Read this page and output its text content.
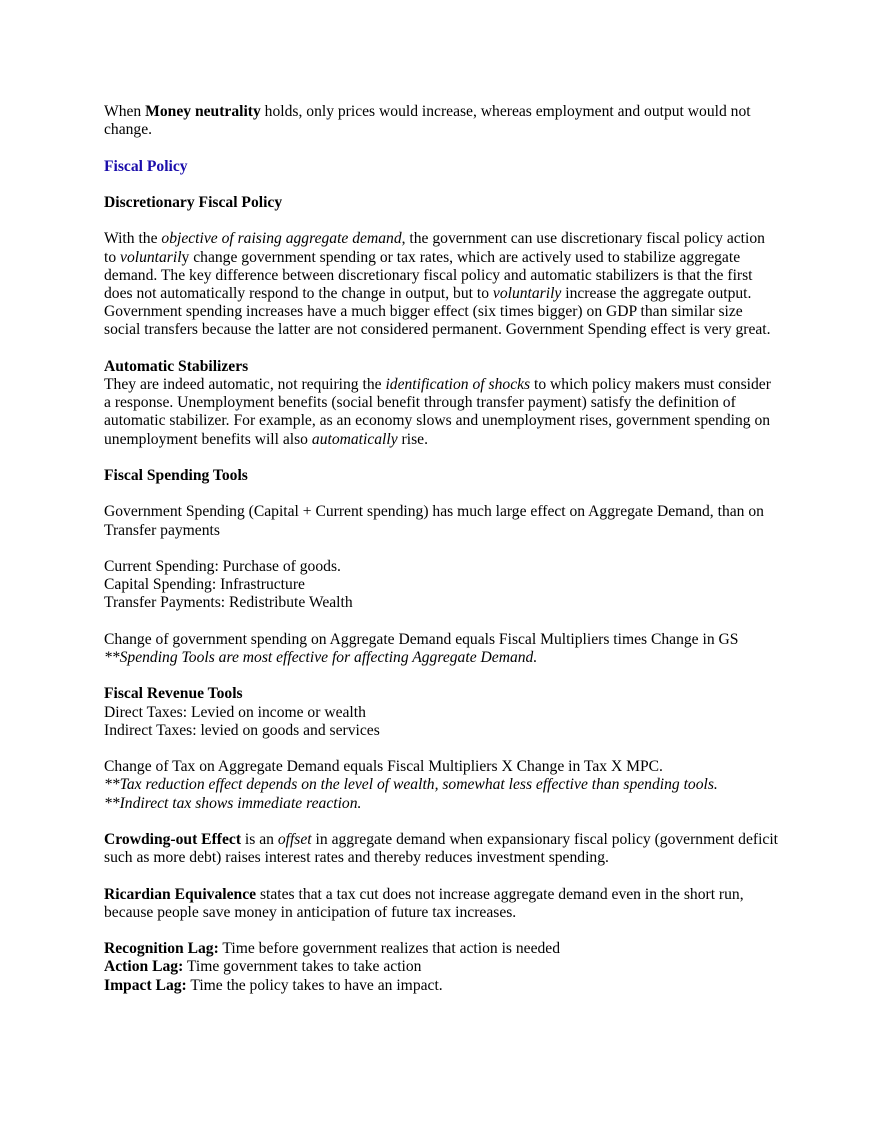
When Money neutrality holds, only prices would increase, whereas employment and output would not change.

Fiscal Policy

Discretionary Fiscal Policy

With the objective of raising aggregate demand, the government can use discretionary fiscal policy action to voluntarily change government spending or tax rates, which are actively used to stabilize aggregate demand. The key difference between discretionary fiscal policy and automatic stabilizers is that the first does not automatically respond to the change in output, but to voluntarily increase the aggregate output. Government spending increases have a much bigger effect (six times bigger) on GDP than similar size social transfers because the latter are not considered permanent. Government Spending effect is very great.

Automatic Stabilizers
They are indeed automatic, not requiring the identification of shocks to which policy makers must consider a response. Unemployment benefits (social benefit through transfer payment) satisfy the definition of automatic stabilizer. For example, as an economy slows and unemployment rises, government spending on unemployment benefits will also automatically rise.

Fiscal Spending Tools

Government Spending (Capital + Current spending) has much large effect on Aggregate Demand, than on Transfer payments

Current Spending: Purchase of goods.
Capital Spending: Infrastructure
Transfer Payments: Redistribute Wealth

Change of government spending on Aggregate Demand equals Fiscal Multipliers times Change in GS
**Spending Tools are most effective for affecting Aggregate Demand.

Fiscal Revenue Tools
Direct Taxes: Levied on income or wealth
Indirect Taxes: levied on goods and services

Change of Tax on Aggregate Demand equals Fiscal Multipliers X Change in Tax X MPC.
**Tax reduction effect depends on the level of wealth, somewhat less effective than spending tools.
**Indirect tax shows immediate reaction.

Crowding-out Effect is an offset in aggregate demand when expansionary fiscal policy (government deficit such as more debt) raises interest rates and thereby reduces investment spending.

Ricardian Equivalence states that a tax cut does not increase aggregate demand even in the short run, because people save money in anticipation of future tax increases.

Recognition Lag: Time before government realizes that action is needed
Action Lag: Time government takes to take action
Impact Lag: Time the policy takes to have an impact.
